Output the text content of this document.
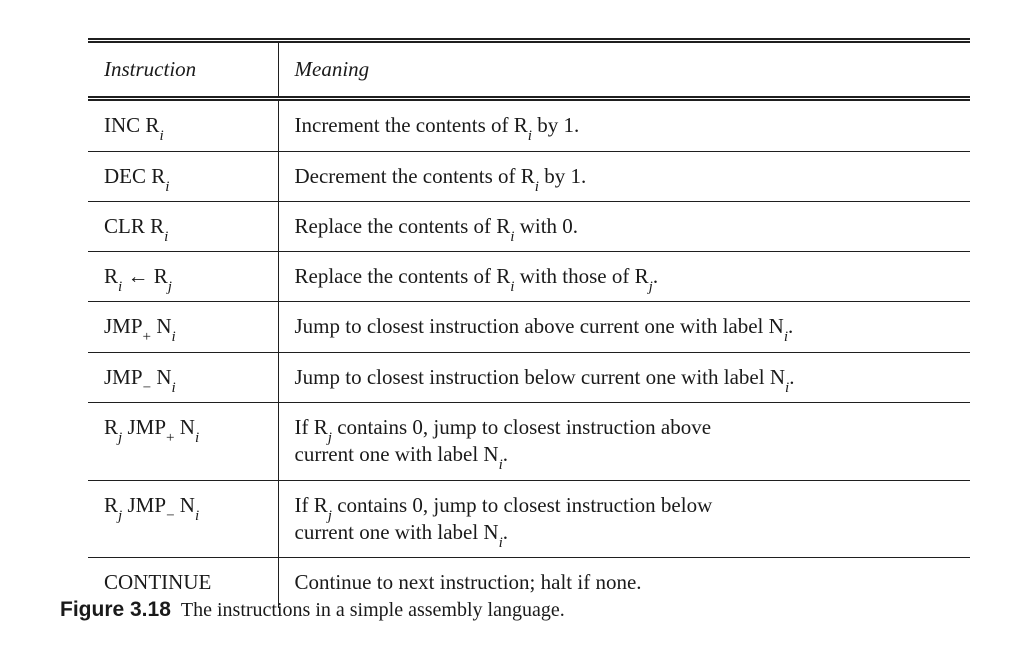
Instruction	Meaning
INC $R_i$	Increment the contents of $R_i$ by 1.
DEC $R_i$	Decrement the contents of $R_i$ by 1.
CLR $R_i$	Replace the contents of $R_i$ with 0.
$R_i$ ← $R_j$	Replace the contents of $R_i$ with those of $R_j$.
$JMP_+$ $N_i$	Jump to closest instruction above current one with label $N_i$.
$JMP_-$ $N_i$	Jump to closest instruction below current one with label $N_i$.
$R_j$ $JMP_+$ $N_i$	If $R_j$ contains 0, jump to closest instruction above
current one with label $N_i$.
$R_j$ $JMP_-$ $N_i$	If $R_j$ contains 0, jump to closest instruction below
current one with label $N_i$.
CONTINUE	Continue to next instruction; halt if none.
Figure 3.18 The instructions in a simple assembly language.
